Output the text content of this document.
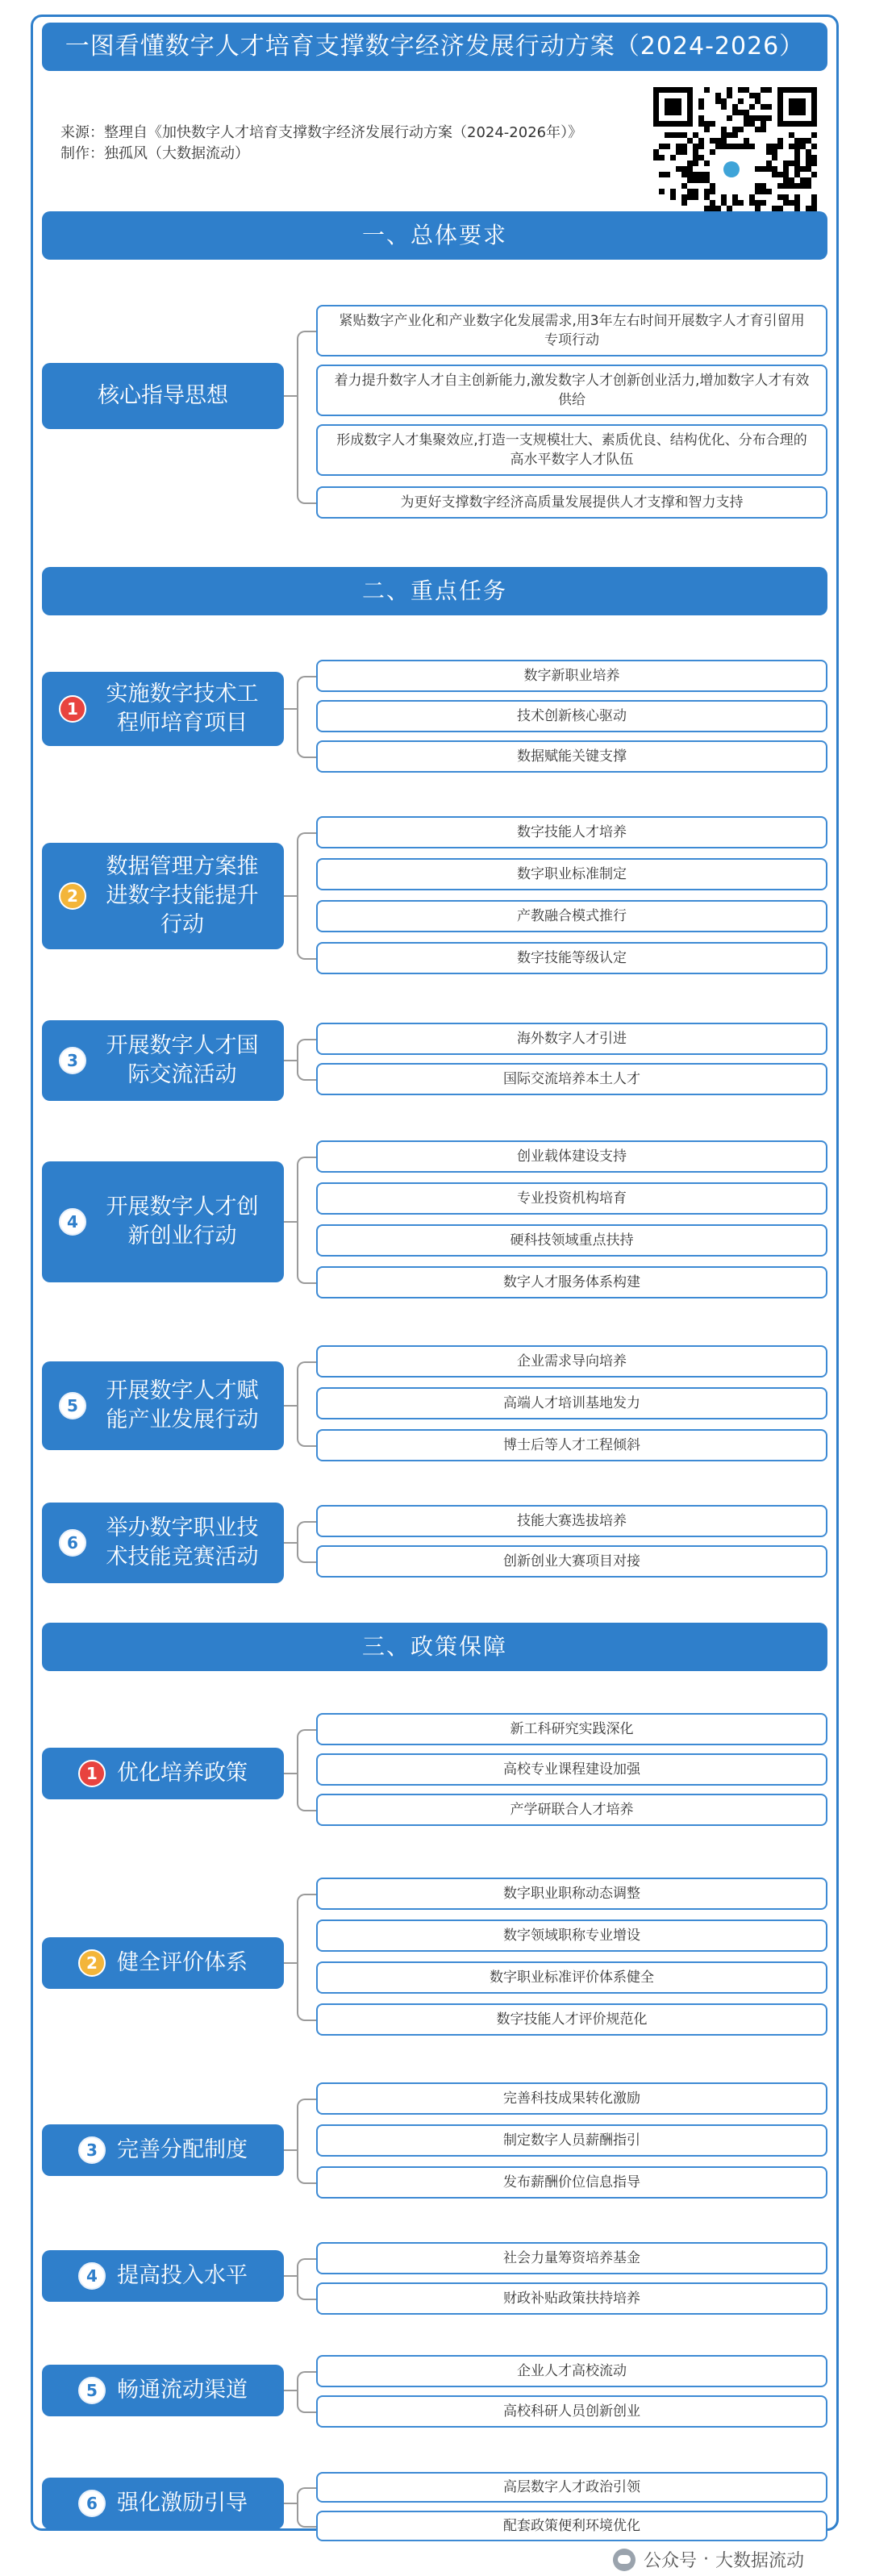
一图看懂数字人才培育支撑数字经济发展行动方案（2024-2026）
来源：整理自《加快数字人才培育支撑数字经济发展行动方案（2024-2026年）》
制作：独孤风（大数据流动）
一、总体要求
核心指导思想
紧贴数字产业化和产业数字化发展需求,用3年左右时间开展数字人才育引留用专项行动
着力提升数字人才自主创新能力,激发数字人才创新创业活力,增加数字人才有效供给
形成数字人才集聚效应,打造一支规模壮大、素质优良、结构优化、分布合理的高水平数字人才队伍
为更好支撑数字经济高质量发展提供人才支撑和智力支持
二、重点任务
1
实施数字技术工程师培育项目
数字新职业培养
技术创新核心驱动
数据赋能关键支撑
2
数据管理方案推进数字技能提升行动
数字技能人才培养
数字职业标准制定
产教融合模式推行
数字技能等级认定
3
开展数字人才国际交流活动
海外数字人才引进
国际交流培养本土人才
4
开展数字人才创新创业行动
创业载体建设支持
专业投资机构培育
硬科技领域重点扶持
数字人才服务体系构建
5
开展数字人才赋能产业发展行动
企业需求导向培养
高端人才培训基地发力
博士后等人才工程倾斜
6
举办数字职业技术技能竞赛活动
技能大赛选拔培养
创新创业大赛项目对接
三、政策保障
1 优化培养政策
新工科研究实践深化
高校专业课程建设加强
产学研联合人才培养
2 健全评价体系
数字职业职称动态调整
数字领域职称专业增设
数字职业标准评价体系健全
数字技能人才评价规范化
3 完善分配制度
完善科技成果转化激励
制定数字人员薪酬指引
发布薪酬价位信息指导
4 提高投入水平
社会力量筹资培养基金
财政补贴政策扶持培养
5 畅通流动渠道
企业人才高校流动
高校科研人员创新创业
6 强化激励引导
高层数字人才政治引领
配套政策便利环境优化
公众号 · 大数据流动
